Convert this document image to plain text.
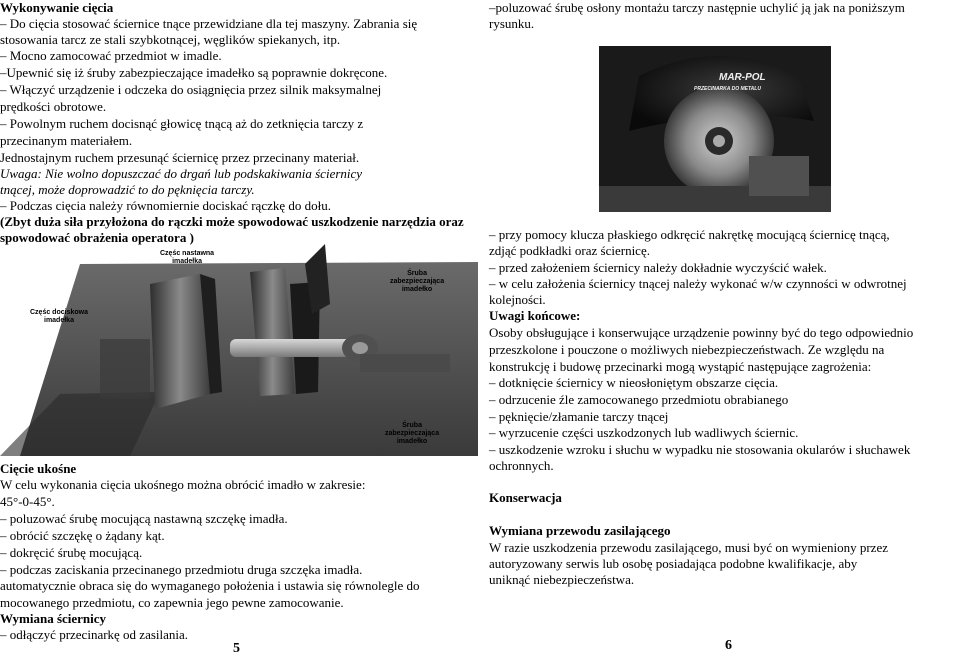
Wykonywanie cięcia
– Do cięcia stosować ściernice tnące przewidziane dla tej maszyny. Zabrania się
stosowania tarcz ze stali szybkotnącej, węglików spiekanych, itp.
– Mocno zamocować przedmiot w imadle.
–Upewnić się iż śruby zabezpieczające imadełko są poprawnie dokręcone.
– Włączyć urządzenie i odczeka do osiągnięcia przez silnik maksymalnej
prędkości obrotowe.
– Powolnym ruchem docisnąć głowicę tnącą aż do zetknięcia tarczy z
przecinanym materiałem.
Jednostajnym ruchem przesunąć ściernicę przez przecinany materiał.
Uwaga: Nie wolno dopuszczać do drgań lub podskakiwania ściernicy
tnącej, może doprowadzić to do pęknięcia tarczy.
– Podczas cięcia należy równomiernie dociskać rączkę do dołu.
(Zbyt duża siła przyłożona do rączki może spowodować uszkodzenie narzędzia oraz
spowodować obrażenia operatora )
Częśc nastawna
imadełka
Śruba
zabezpieczająca
imadełko
Częśc dociskowa
imadełka
Śruba
zabezpieczająca
imadełko
Cięcie ukośne
W celu wykonania cięcia ukośnego można obrócić imadło w zakresie:
45°-0-45°.
– poluzować śrubę mocującą nastawną szczękę imadła.
– obrócić szczękę o żądany kąt.
– dokręcić śrubę mocującą.
– podczas zaciskania przecinanego przedmiotu druga szczęka imadła.
automatycznie obraca się do wymaganego położenia i ustawia się równolegle do
mocowanego przedmiotu, co zapewnia jego pewne zamocowanie.
Wymiana ściernicy
– odłączyć przecinarkę od zasilania.
5
–poluzować śrubę osłony montażu tarczy następnie uchylić ją jak na poniższym
rysunku.
MAR-POL
PRZECINARKA DO METALU
– przy pomocy klucza płaskiego odkręcić nakrętkę mocującą ściernicę tnącą,
zdjąć podkładki oraz ściernicę.
– przed założeniem ściernicy należy dokładnie wyczyścić wałek.
– w celu założenia ściernicy tnącej należy wykonać w/w czynności w odwrotnej
kolejności.
Uwagi końcowe:
Osoby obsługujące i konserwujące urządzenie powinny być do tego odpowiednio
przeszkolone i pouczone o możliwych niebezpieczeństwach. Ze względu na
konstrukcję i budowę przecinarki mogą wystąpić następujące zagrożenia:
– dotknięcie ściernicy w nieosłoniętym obszarze cięcia.
– odrzucenie źle zamocowanego przedmiotu obrabianego
– pęknięcie/złamanie tarczy tnącej
– wyrzucenie części uszkodzonych lub wadliwych ściernic.
– uszkodzenie wzroku i słuchu w wypadku nie stosowania okularów i słuchawek
ochronnych.
Konserwacja
Wymiana przewodu zasilającego
W razie uszkodzenia przewodu zasilającego, musi być on wymieniony przez
autoryzowany serwis lub osobę posiadająca podobne kwalifikacje, aby
uniknąć niebezpieczeństwa.
6
